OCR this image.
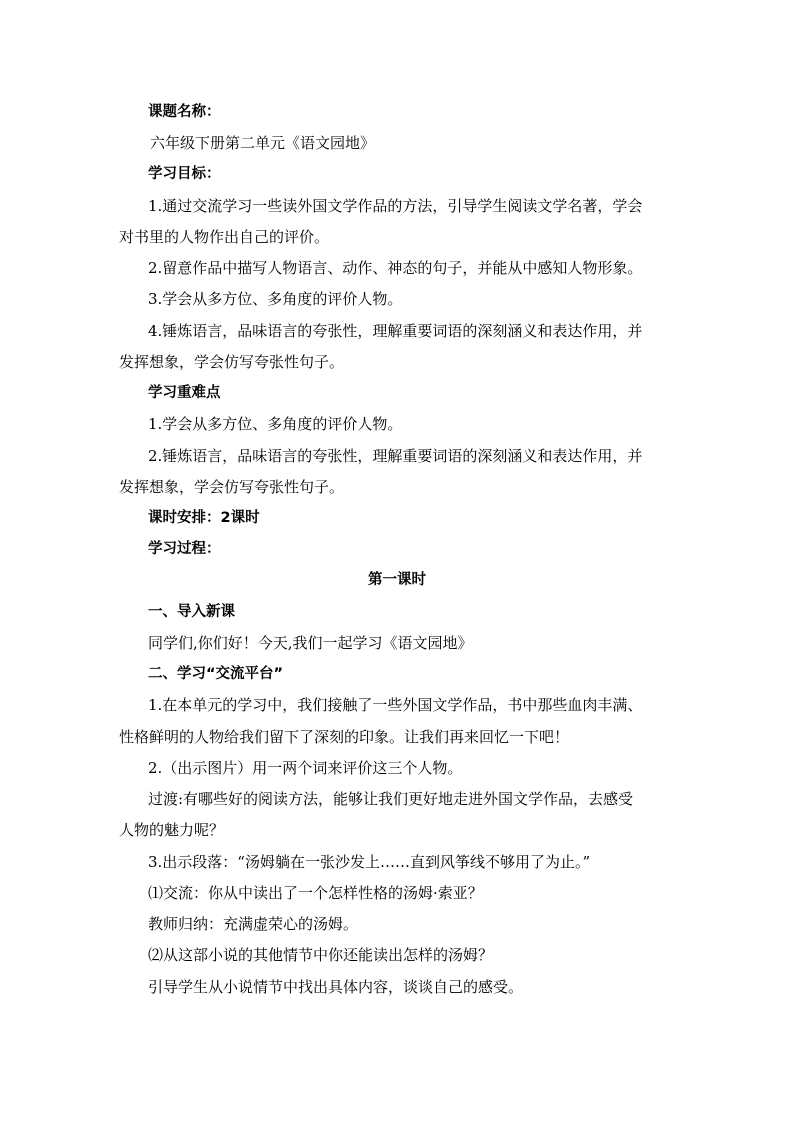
课题名称：
六年级下册第二单元《语文园地》
学习目标：
1.通过交流学习一些读外国文学作品的方法，引导学生阅读文学名著，学会
对书里的人物作出自己的评价。
2.留意作品中描写人物语言、动作、神态的句子，并能从中感知人物形象。
3.学会从多方位、多角度的评价人物。
4.锤炼语言，品味语言的夸张性，理解重要词语的深刻涵义和表达作用，并
发挥想象，学会仿写夸张性句子。
学习重难点
1.学会从多方位、多角度的评价人物。
2.锤炼语言，品味语言的夸张性，理解重要词语的深刻涵义和表达作用，并
发挥想象，学会仿写夸张性句子。
课时安排：2课时
学习过程：
第一课时
一、导入新课
同学们,你们好！今天,我们一起学习《语文园地》
二、学习“交流平台”
1.在本单元的学习中，我们接触了一些外国文学作品，书中那些血肉丰满、
性格鲜明的人物给我们留下了深刻的印象。让我们再来回忆一下吧！
2.（出示图片）用一两个词来评价这三个人物。
过渡:有哪些好的阅读方法，能够让我们更好地走进外国文学作品，去感受
人物的魅力呢？
3.出示段落：“汤姆躺在一张沙发上……直到风筝线不够用了为止。”
⑴交流：你从中读出了一个怎样性格的汤姆·索亚？
教师归纳：充满虚荣心的汤姆。
⑵从这部小说的其他情节中你还能读出怎样的汤姆？
引导学生从小说情节中找出具体内容，谈谈自己的感受。
